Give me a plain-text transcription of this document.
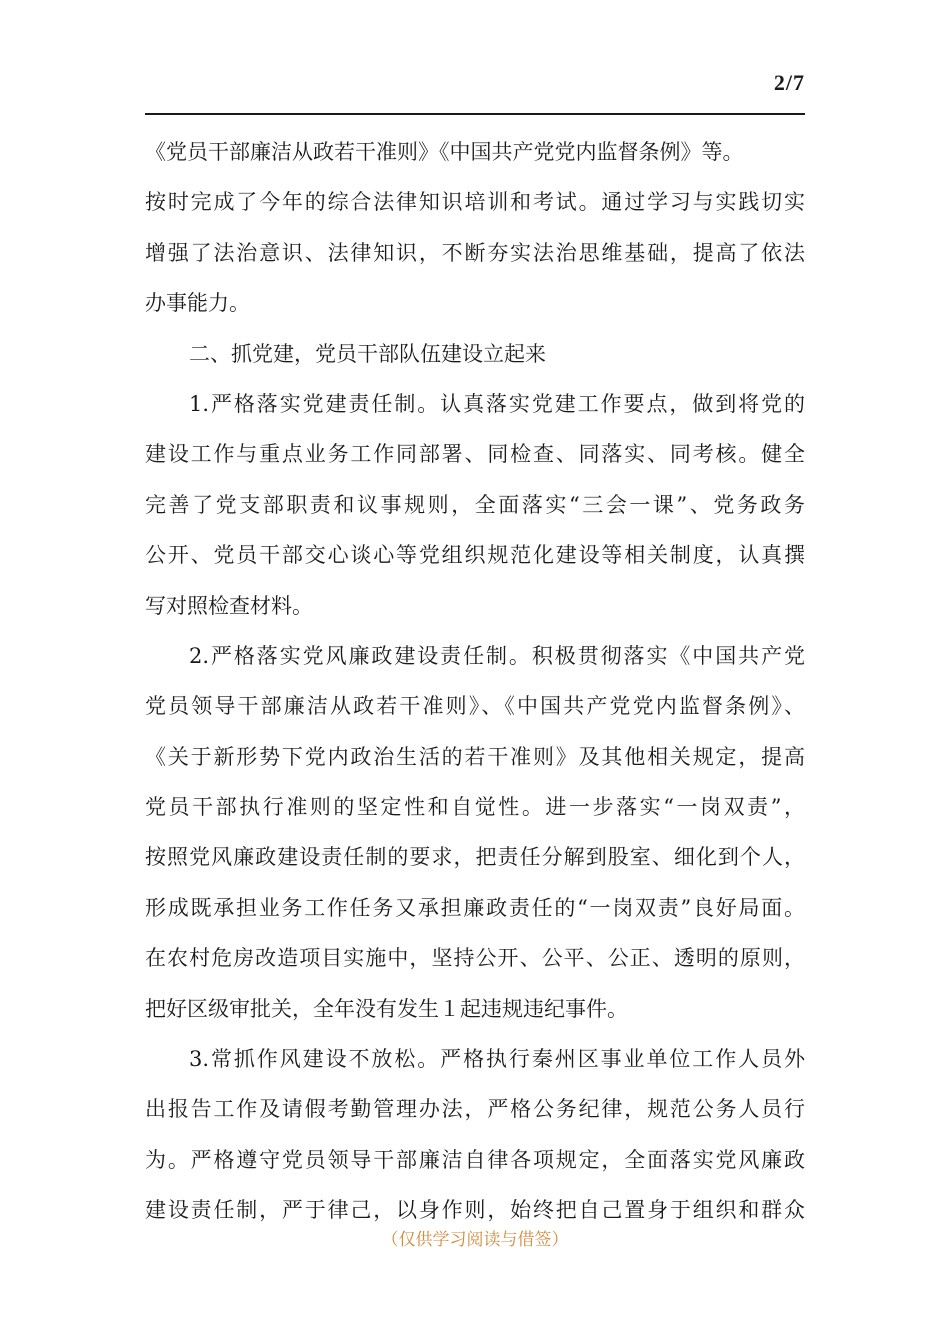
2/7
《党员干部廉洁从政若干准则》《中国共产党党内监督条例》等。
按时完成了今年的综合法律知识培训和考试。通过学习与实践切实
增强了法治意识、法律知识，不断夯实法治思维基础，提高了依法
办事能力。
二、抓党建，党员干部队伍建设立起来
1.严格落实党建责任制。认真落实党建工作要点，做到将党的
建设工作与重点业务工作同部署、同检查、同落实、同考核。健全
完善了党支部职责和议事规则，全面落实“三会一课”、党务政务
公开、党员干部交心谈心等党组织规范化建设等相关制度，认真撰
写对照检查材料。
2.严格落实党风廉政建设责任制。积极贯彻落实《中国共产党
党员领导干部廉洁从政若干准则》、《中国共产党党内监督条例》、
《关于新形势下党内政治生活的若干准则》及其他相关规定，提高
党员干部执行准则的坚定性和自觉性。进一步落实“一岗双责”，
按照党风廉政建设责任制的要求，把责任分解到股室、细化到个人，
形成既承担业务工作任务又承担廉政责任的“一岗双责”良好局面。
在农村危房改造项目实施中，坚持公开、公平、公正、透明的原则，
把好区级审批关，全年没有发生１起违规违纪事件。
3.常抓作风建设不放松。严格执行秦州区事业单位工作人员外
出报告工作及请假考勤管理办法，严格公务纪律，规范公务人员行
为。严格遵守党员领导干部廉洁自律各项规定，全面落实党风廉政
建设责任制，严于律己，以身作则，始终把自己置身于组织和群众
（仅供学习阅读与借签）
